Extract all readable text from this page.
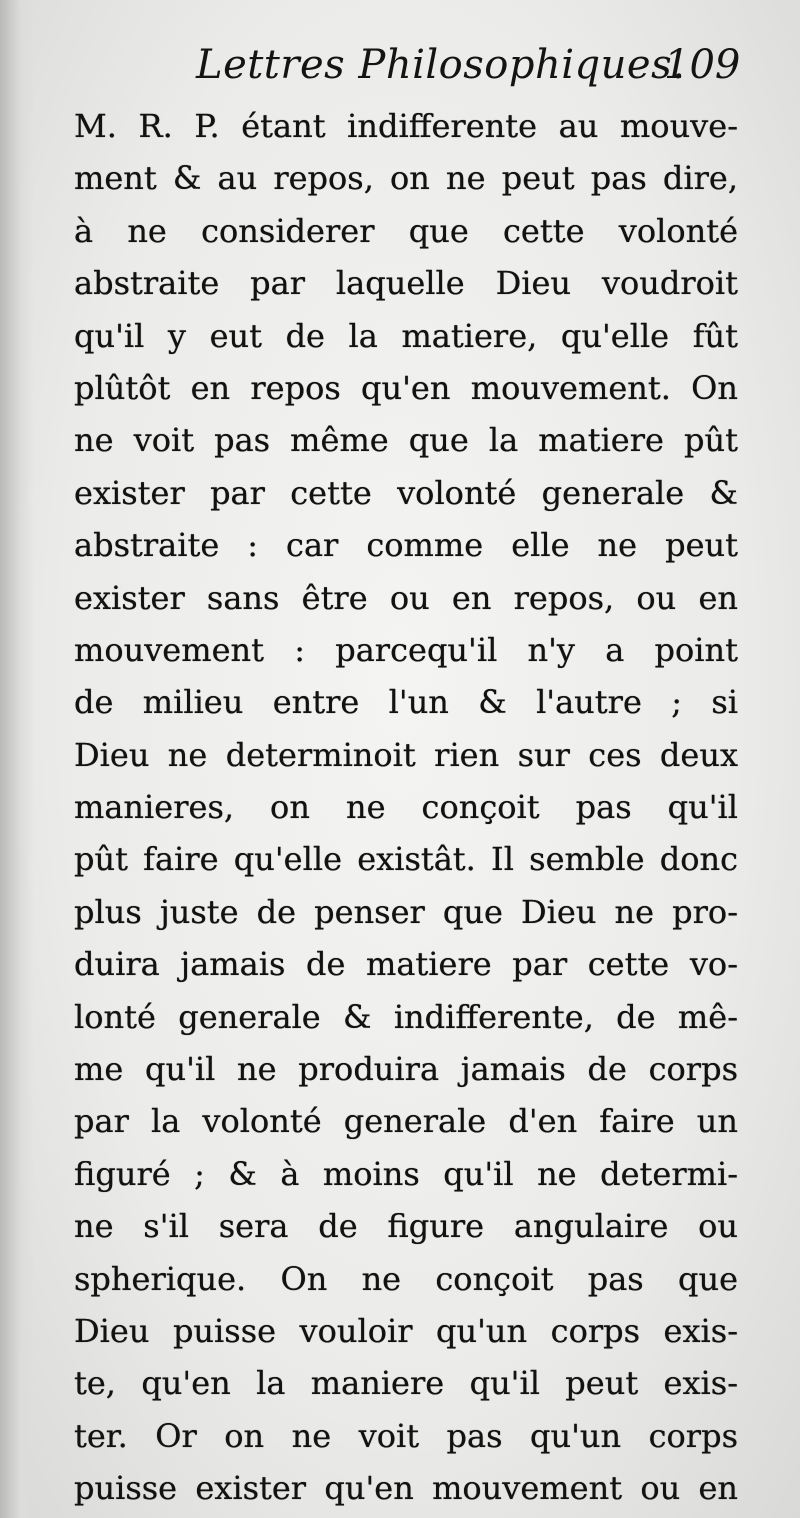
Lettres Philosophiques.
109
M. R. P. étant indifferente au mouve-
ment & au repos, on ne peut pas dire,
à ne considerer que cette volonté
abstraite par laquelle Dieu voudroit
qu'il y eut de la matiere, qu'elle fût
plûtôt en repos qu'en mouvement. On
ne voit pas même que la matiere pût
exister par cette volonté generale &
abstraite : car comme elle ne peut
exister sans être ou en repos, ou en
mouvement : parcequ'il n'y a point
de milieu entre l'un & l'autre ; si
Dieu ne determinoit rien sur ces deux
manieres, on ne conçoit pas qu'il
pût faire qu'elle existât. Il semble donc
plus juste de penser que Dieu ne pro-
duira jamais de matiere par cette vo-
lonté generale & indifferente, de mê-
me qu'il ne produira jamais de corps
par la volonté generale d'en faire un
figuré ; & à moins qu'il ne determi-
ne s'il sera de figure angulaire ou
spherique. On ne conçoit pas que
Dieu puisse vouloir qu'un corps exis-
te, qu'en la maniere qu'il peut exis-
ter. Or on ne voit pas qu'un corps
puisse exister qu'en mouvement ou en
